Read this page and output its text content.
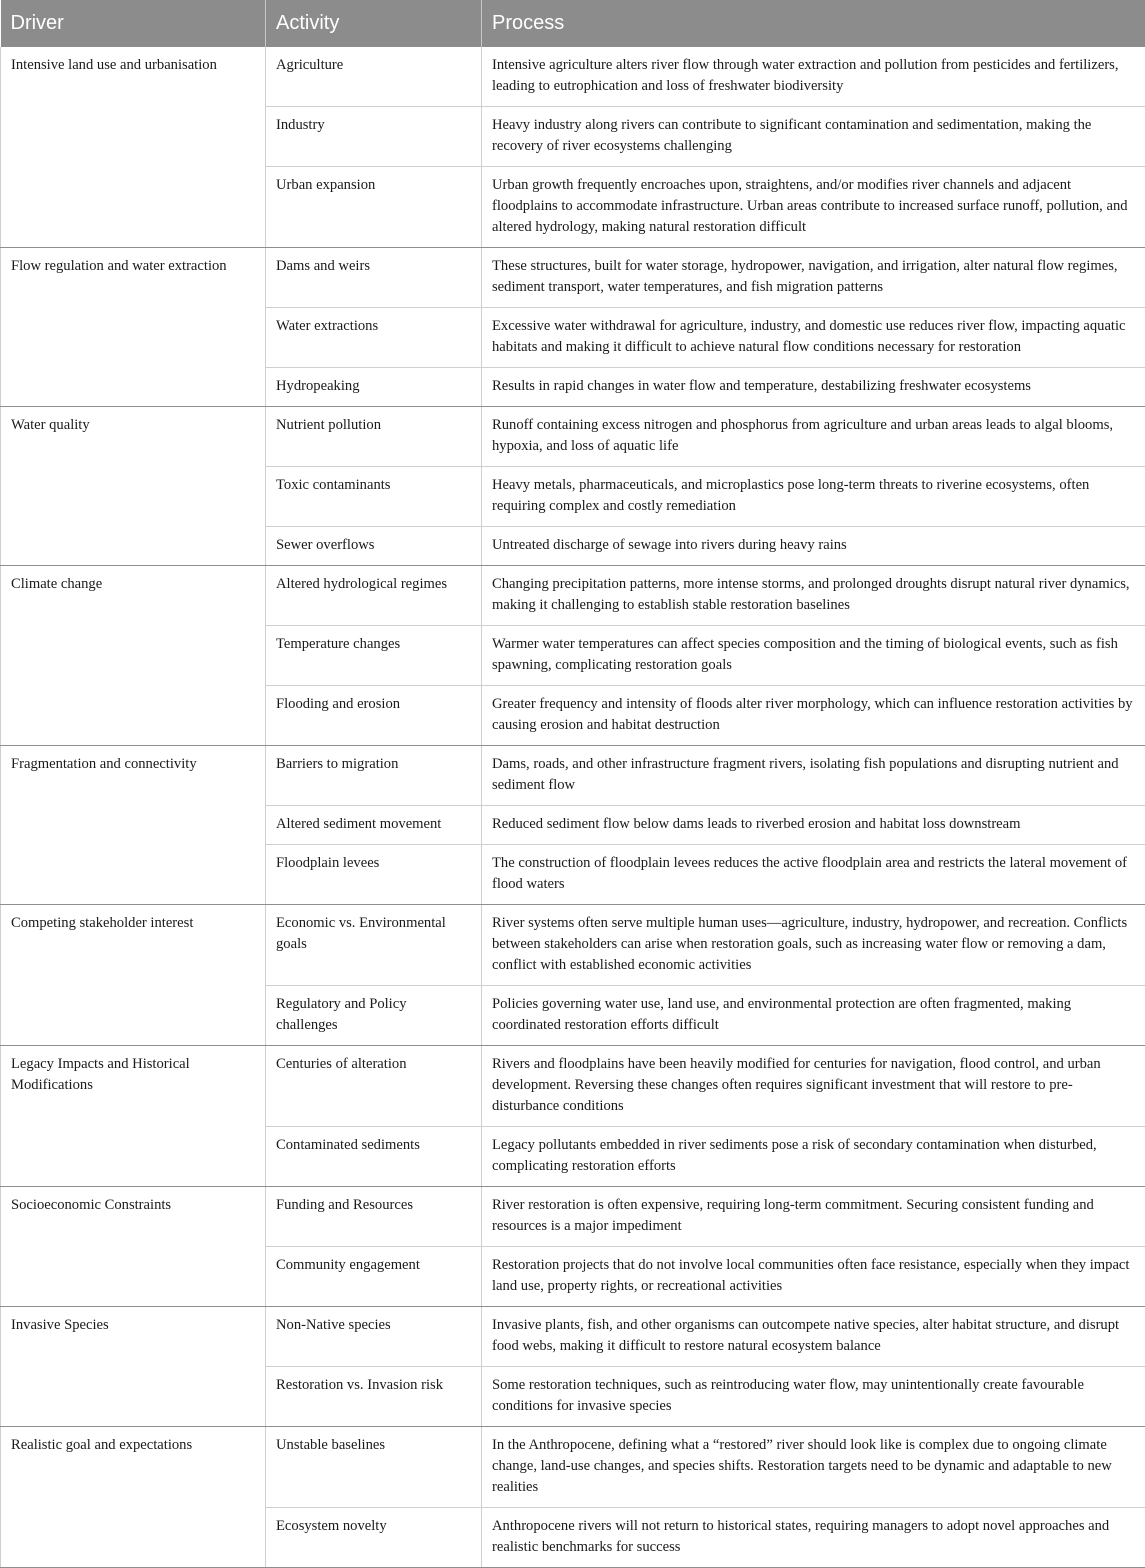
Driver	Activity	Process
Intensive land use and urbanisation	Agriculture	Intensive agriculture alters river flow through water extraction and pollution from pesticides and fertilizers, leading to eutrophication and loss of freshwater biodiversity
	Industry	Heavy industry along rivers can contribute to significant contamination and sedimentation, making the recovery of river ecosystems challenging
	Urban expansion	Urban growth frequently encroaches upon, straightens, and/or modifies river channels and adjacent floodplains to accommodate infrastructure. Urban areas contribute to increased surface runoff, pollution, and altered hydrology, making natural restoration difficult
Flow regulation and water extraction	Dams and weirs	These structures, built for water storage, hydropower, navigation, and irrigation, alter natural flow regimes, sediment transport, water temperatures, and fish migration patterns
	Water extractions	Excessive water withdrawal for agriculture, industry, and domestic use reduces river flow, impacting aquatic habitats and making it difficult to achieve natural flow conditions necessary for restoration
	Hydropeaking	Results in rapid changes in water flow and temperature, destabilizing freshwater ecosystems
Water quality	Nutrient pollution	Runoff containing excess nitrogen and phosphorus from agriculture and urban areas leads to algal blooms, hypoxia, and loss of aquatic life
	Toxic contaminants	Heavy metals, pharmaceuticals, and microplastics pose long-term threats to riverine ecosystems, often requiring complex and costly remediation
	Sewer overflows	Untreated discharge of sewage into rivers during heavy rains
Climate change	Altered hydrological regimes	Changing precipitation patterns, more intense storms, and prolonged droughts disrupt natural river dynamics, making it challenging to establish stable restoration baselines
	Temperature changes	Warmer water temperatures can affect species composition and the timing of biological events, such as fish spawning, complicating restoration goals
	Flooding and erosion	Greater frequency and intensity of floods alter river morphology, which can influence restoration activities by causing erosion and habitat destruction
Fragmentation and connectivity	Barriers to migration	Dams, roads, and other infrastructure fragment rivers, isolating fish populations and disrupting nutrient and sediment flow
	Altered sediment movement	Reduced sediment flow below dams leads to riverbed erosion and habitat loss downstream
	Floodplain levees	The construction of floodplain levees reduces the active floodplain area and restricts the lateral movement of flood waters
Competing stakeholder interest	Economic vs. Environmental goals	River systems often serve multiple human uses—agriculture, industry, hydropower, and recreation. Conflicts between stakeholders can arise when restoration goals, such as increasing water flow or removing a dam, conflict with established economic activities
	Regulatory and Policy challenges	Policies governing water use, land use, and environmental protection are often fragmented, making coordinated restoration efforts difficult
Legacy Impacts and Historical Modifications	Centuries of alteration	Rivers and floodplains have been heavily modified for centuries for navigation, flood control, and urban development. Reversing these changes often requires significant investment that will restore to pre-disturbance conditions
	Contaminated sediments	Legacy pollutants embedded in river sediments pose a risk of secondary contamination when disturbed, complicating restoration efforts
Socioeconomic Constraints	Funding and Resources	River restoration is often expensive, requiring long-term commitment. Securing consistent funding and resources is a major impediment
	Community engagement	Restoration projects that do not involve local communities often face resistance, especially when they impact land use, property rights, or recreational activities
Invasive Species	Non-Native species	Invasive plants, fish, and other organisms can outcompete native species, alter habitat structure, and disrupt food webs, making it difficult to restore natural ecosystem balance
	Restoration vs. Invasion risk	Some restoration techniques, such as reintroducing water flow, may unintentionally create favourable conditions for invasive species
Realistic goal and expectations	Unstable baselines	In the Anthropocene, defining what a “restored” river should look like is complex due to ongoing climate change, land-use changes, and species shifts. Restoration targets need to be dynamic and adaptable to new realities
	Ecosystem novelty	Anthropocene rivers will not return to historical states, requiring managers to adopt novel approaches and realistic benchmarks for success
